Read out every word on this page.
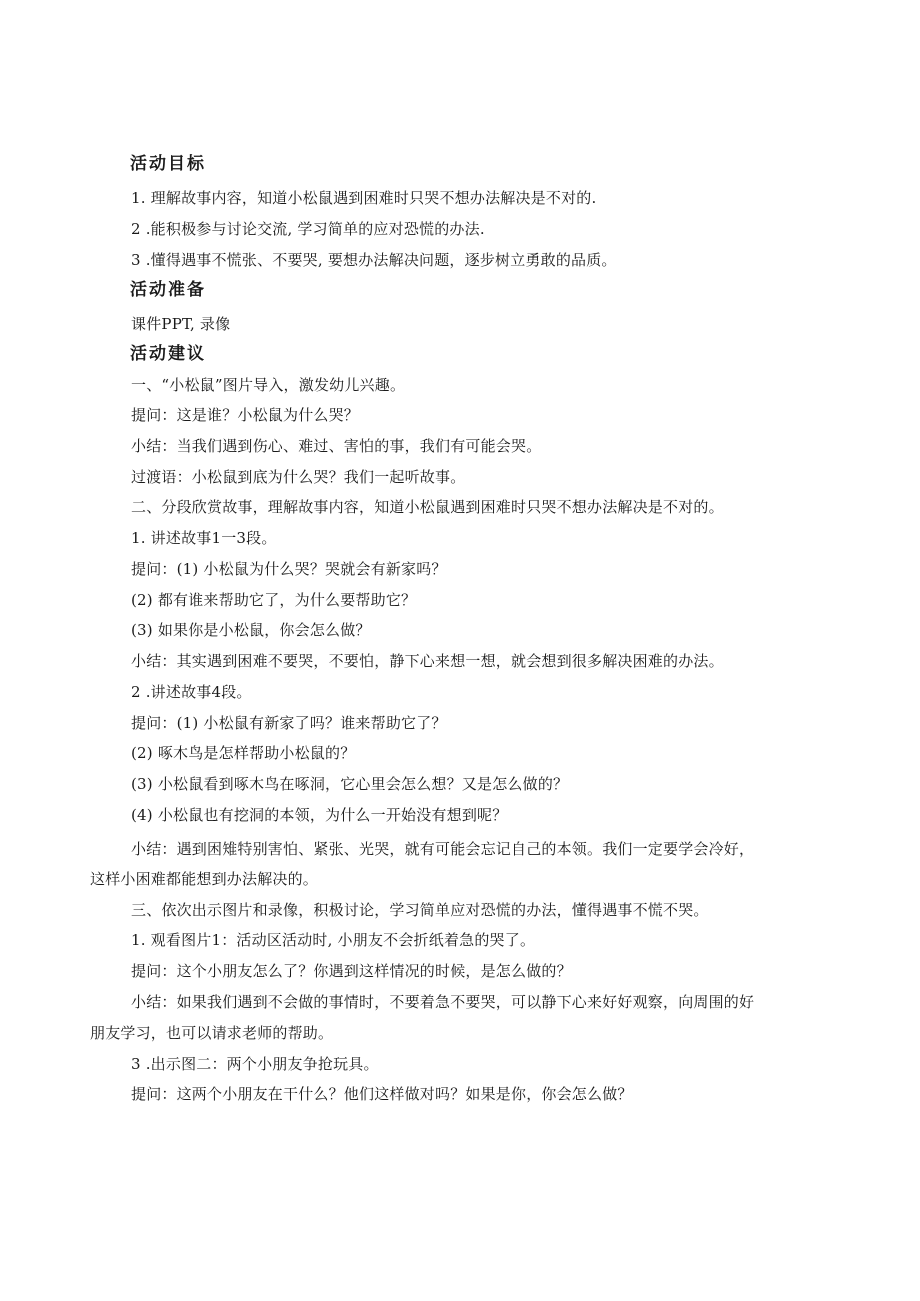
活动目标
1. 理解故事内容，知道小松鼠遇到困难时只哭不想办法解决是不对的.
2 .能积极参与讨论交流, 学习简单的应对恐慌的办法.
3 .懂得遇事不慌张、不要哭, 要想办法解决问题，逐步树立勇敢的品质。
活动准备
课件PPT, 录像
活动建议
一、“小松鼠”图片导入，激发幼儿兴趣。
提问：这是谁？小松鼠为什么哭？
小结：当我们遇到伤心、难过、害怕的事，我们有可能会哭。
过渡语：小松鼠到底为什么哭？我们一起听故事。
二、分段欣赏故事，理解故事内容，知道小松鼠遇到困难时只哭不想办法解决是不对的。
1. 讲述故事1一3段。
提问：(1) 小松鼠为什么哭？哭就会有新家吗？
(2) 都有谁来帮助它了，为什么要帮助它？
(3) 如果你是小松鼠，你会怎么做？
小结：其实遇到困难不要哭，不要怕，静下心来想一想，就会想到很多解决困难的办法。
2 .讲述故事4段。
提问：(1) 小松鼠有新家了吗？谁来帮助它了？
(2) 啄木鸟是怎样帮助小松鼠的？
(3) 小松鼠看到啄木鸟在啄洞，它心里会怎么想？又是怎么做的？
(4) 小松鼠也有挖洞的本领，为什么一开始没有想到呢？
小结：遇到困雉特别害怕、紧张、光哭，就有可能会忘记自己的本领。我们一定要学会冷好，
这样小困难都能想到办法解决的。
三、依次出示图片和录像，积极讨论，学习简单应对恐慌的办法，懂得遇事不慌不哭。
1. 观看图片1：活动区活动时, 小朋友不会折纸着急的哭了。
提问：这个小朋友怎么了？你遇到这样情况的时候，是怎么做的？
小结：如果我们遇到不会做的事情时，不要着急不要哭，可以静下心来好好观察，向周围的好
朋友学习，也可以请求老师的帮助。
3 .出示图二：两个小朋友争抢玩具。
提问：这两个小朋友在干什么？他们这样做对吗？如果是你，你会怎么做？
